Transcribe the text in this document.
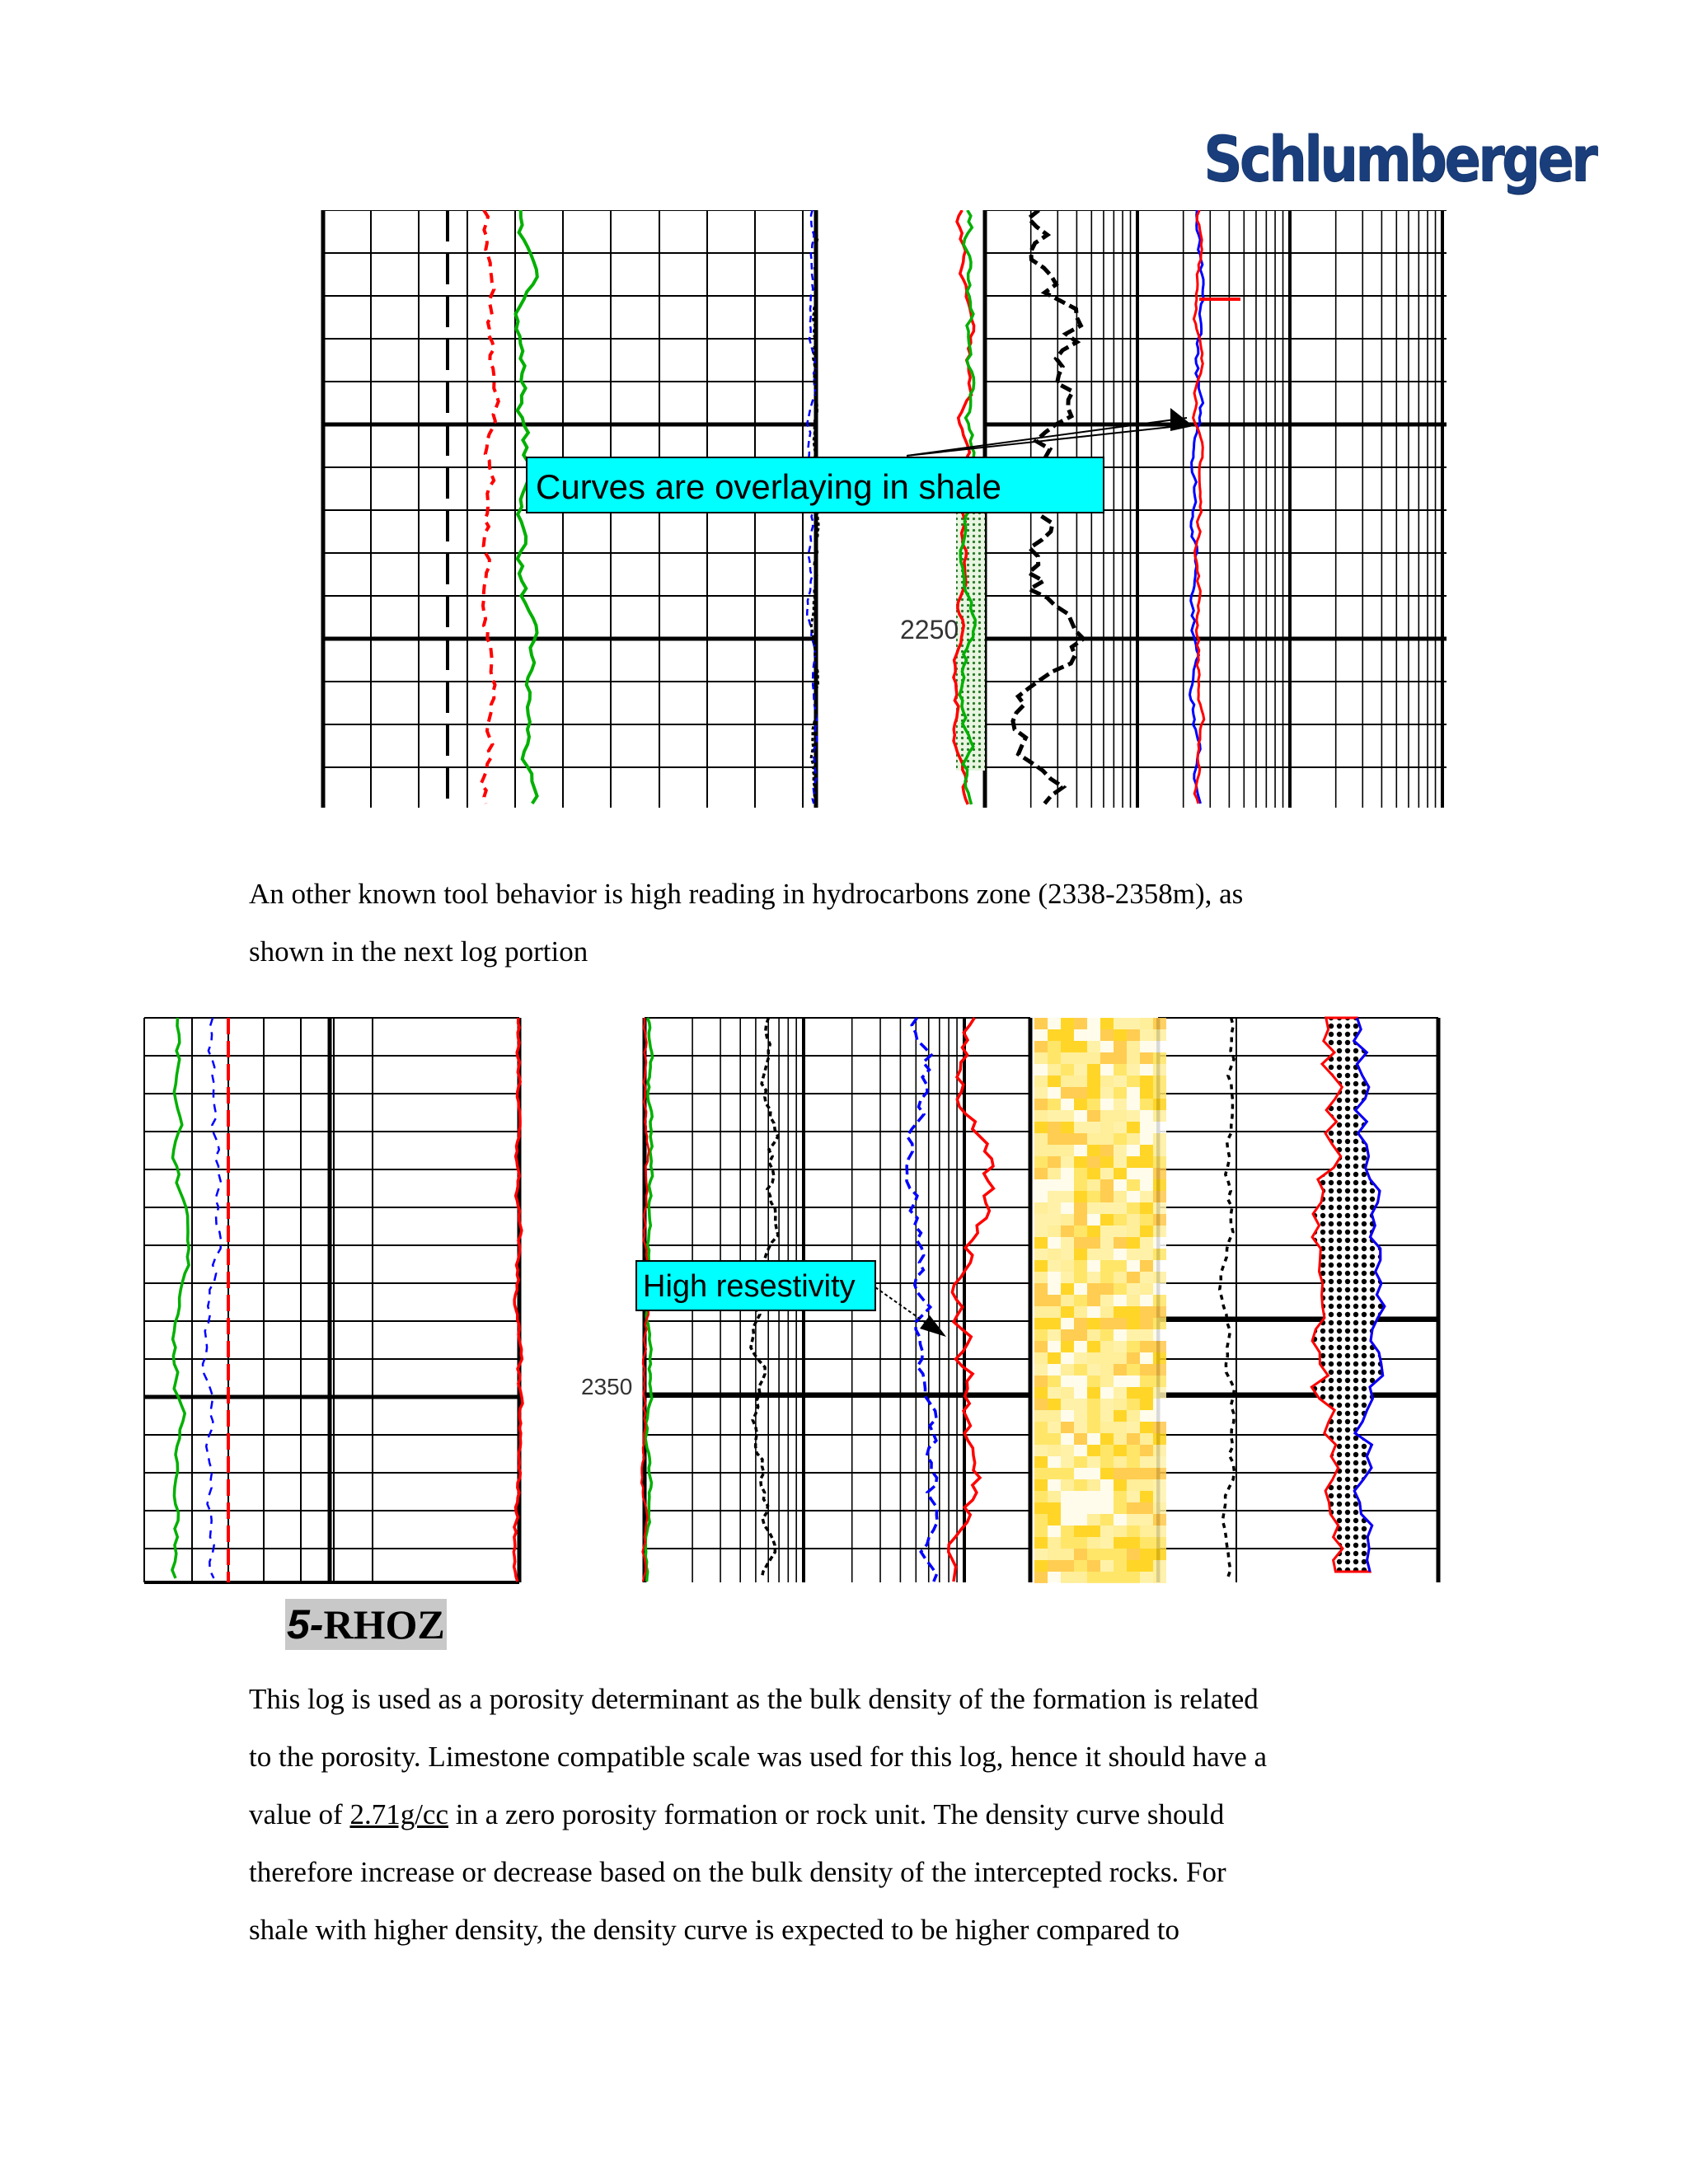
Schlumberger
Curves are overlaying in shale
2250

An other known tool behavior is high reading in hydrocarbons zone (2338-2358m), as
shown in the next log portion

High resestivity
2350
5-RHOZ

This log is used as a porosity determinant as the bulk density of the formation is related
to the porosity. Limestone compatible scale was used for this log, hence it should have a
value of 2.71g/cc in a zero porosity formation or rock unit. The density curve should
therefore increase or decrease based on the bulk density of the intercepted rocks. For
shale with higher density, the density curve is expected to be higher compared to
